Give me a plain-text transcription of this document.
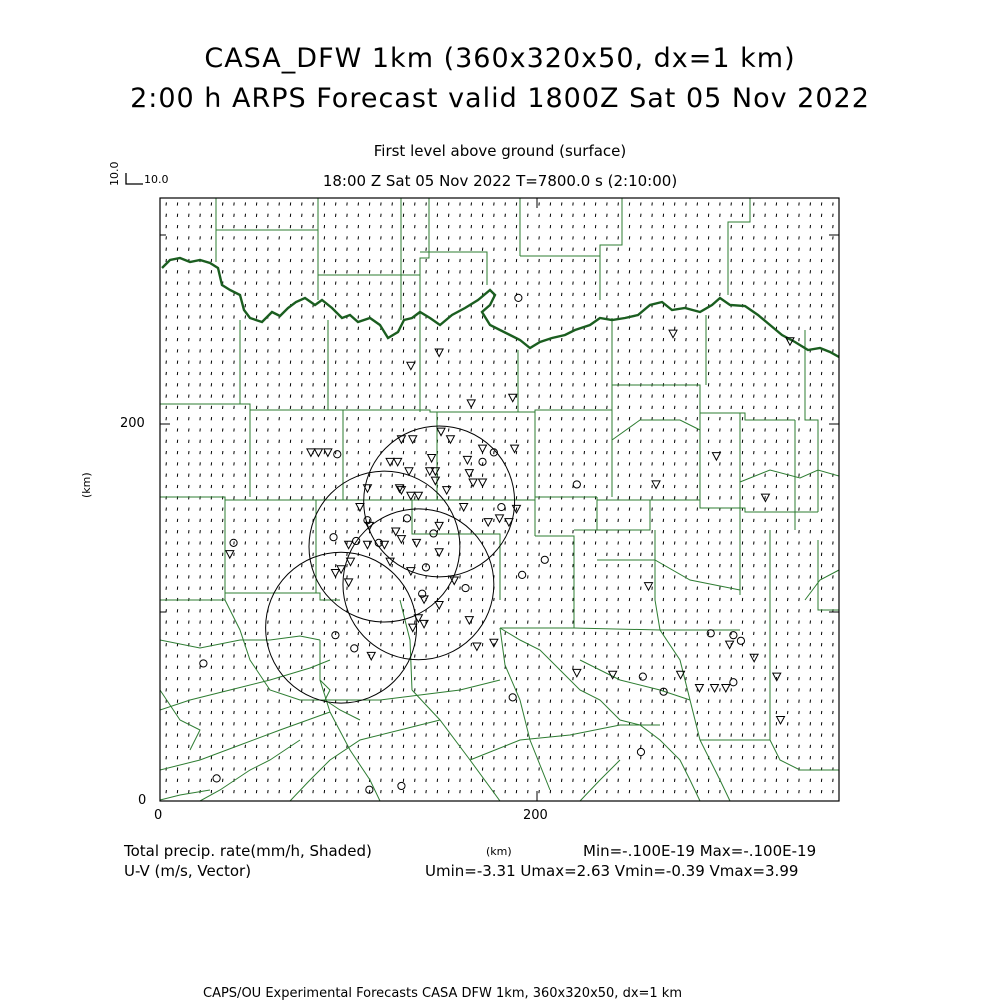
CASA_DFW 1km (360x320x50, dx=1 km)
2:00 h ARPS Forecast valid 1800Z Sat 05 Nov 2022
First level above ground (surface)
18:00 Z Sat 05 Nov 2022 T=7800.0 s (2:10:00)
10.0 10.0
(km)
200
0
0	200
(km)
Total precip. rate(mm/h, Shaded)	Min=-.100E-19 Max=-.100E-19
U-V (m/s, Vector)	Umin=-3.31 Umax=2.63 Vmin=-0.39 Vmax=3.99
CAPS/OU Experimental Forecasts CASA DFW 1km, 360x320x50, dx=1 km
